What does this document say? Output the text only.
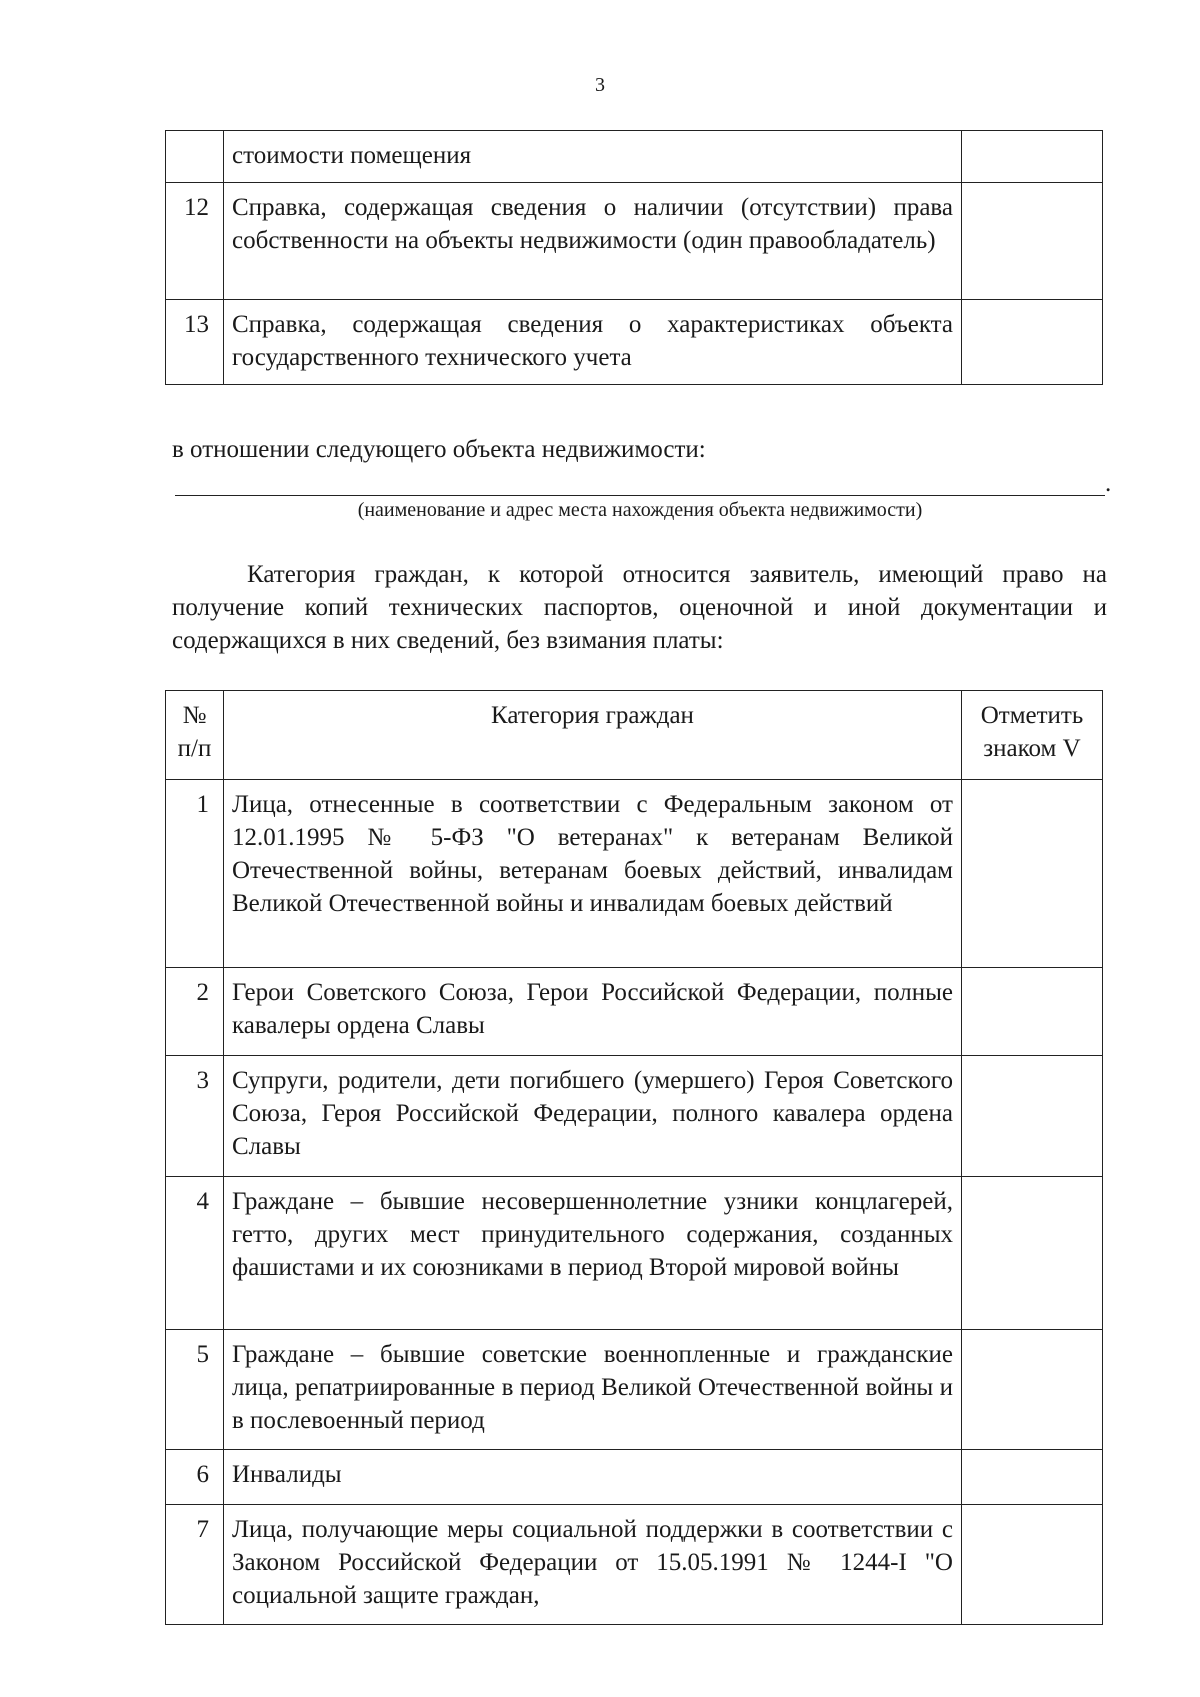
3
	стоимости помещения	
12	Справка, содержащая сведения о наличии (отсутствии) права собственности на объекты недвижимости (один правообладатель)	
13	Справка, содержащая сведения о характеристиках объекта государственного технического учета	
в отношении следующего объекта недвижимости:
.
(наименование и адрес места нахождения объекта недвижимости)
Категория граждан, к которой относится заявитель, имеющий право на получение копий технических паспортов, оценочной и иной документации и содержащихся в них сведений, без взимания платы:
№ п/п	Категория граждан	Отметить знаком V
1	Лица, отнесенные в соответствии с Федеральным законом от 12.01.1995 № 5-ФЗ "О ветеранах" к ветеранам Великой Отечественной войны, ветеранам боевых действий, инвалидам Великой Отечественной войны и инвалидам боевых действий	
2	Герои Советского Союза, Герои Российской Федерации, полные кавалеры ордена Славы	
3	Супруги, родители, дети погибшего (умершего) Героя Советского Союза, Героя Российской Федерации, полного кавалера ордена Славы	
4	Граждане – бывшие несовершеннолетние узники концлагерей, гетто, других мест принудительного содержания, созданных фашистами и их союзниками в период Второй мировой войны	
5	Граждане – бывшие советские военнопленные и гражданские лица, репатриированные в период Великой Отечественной войны и в послевоенный период	
6	Инвалиды	
7	Лица, получающие меры социальной поддержки в соответствии с Законом Российской Федерации от 15.05.1991 № 1244-I "О социальной защите граждан,	
